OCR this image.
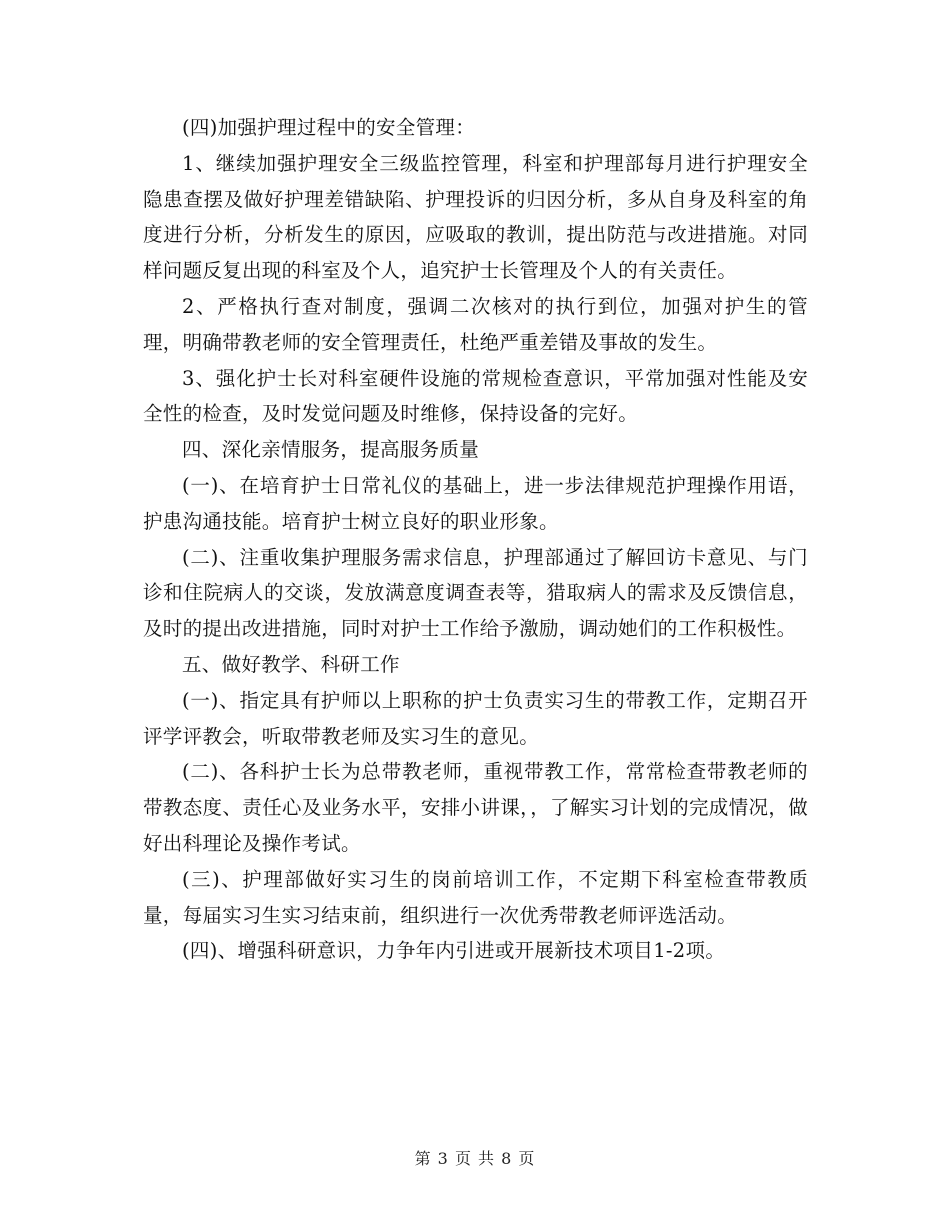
(四)加强护理过程中的安全管理：

1、继续加强护理安全三级监控管理，科室和护理部每月进行护理安全隐患查摆及做好护理差错缺陷、护理投诉的归因分析，多从自身及科室的角度进行分析，分析发生的原因，应吸取的教训，提出防范与改进措施。对同样问题反复出现的科室及个人，追究护士长管理及个人的有关责任。

2、严格执行查对制度，强调二次核对的执行到位，加强对护生的管理，明确带教老师的安全管理责任，杜绝严重差错及事故的发生。

3、强化护士长对科室硬件设施的常规检查意识，平常加强对性能及安全性的检查，及时发觉问题及时维修，保持设备的完好。

四、深化亲情服务，提高服务质量

(一)、在培育护士日常礼仪的基础上，进一步法律规范护理操作用语，护患沟通技能。培育护士树立良好的职业形象。

(二)、注重收集护理服务需求信息，护理部通过了解回访卡意见、与门诊和住院病人的交谈，发放满意度调查表等，猎取病人的需求及反馈信息，及时的提出改进措施，同时对护士工作给予激励，调动她们的工作积极性。

五、做好教学、科研工作

(一)、指定具有护师以上职称的护士负责实习生的带教工作，定期召开评学评教会，听取带教老师及实习生的意见。

(二)、各科护士长为总带教老师，重视带教工作，常常检查带教老师的带教态度、责任心及业务水平，安排小讲课，，了解实习计划的完成情况，做好出科理论及操作考试。

(三)、护理部做好实习生的岗前培训工作，不定期下科室检查带教质量，每届实习生实习结束前，组织进行一次优秀带教老师评选活动。

(四)、增强科研意识，力争年内引进或开展新技术项目1-2项。

第 3 页 共 8 页
